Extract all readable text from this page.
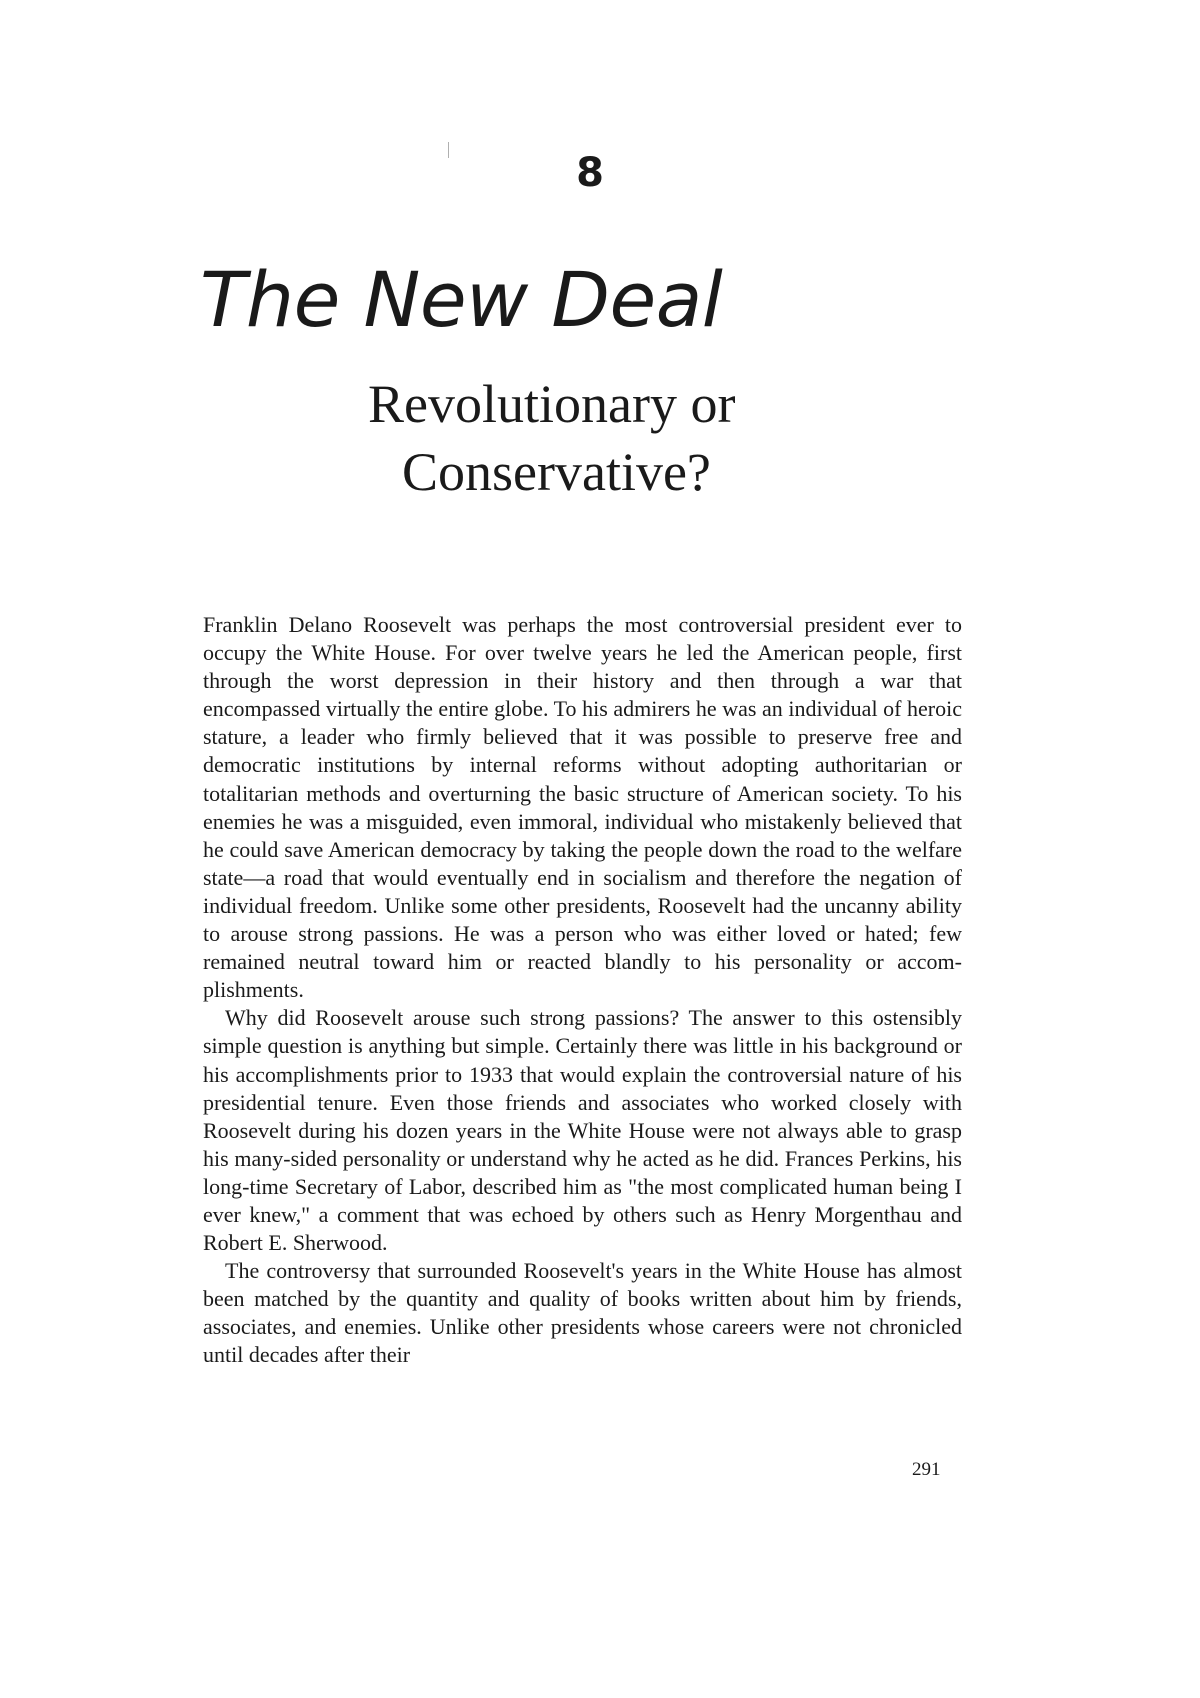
8
The New Deal
Revolutionary or
Conservative?

Franklin Delano Roosevelt was perhaps the most controversial president ever to occupy the White House. For over twelve years he led the American people, first through the worst depression in their history and then through a war that encompassed virtually the entire globe. To his admirers he was an individual of heroic stature, a leader who firmly believed that it was possible to preserve free and democratic institutions by internal reforms without adopting authoritarian or totalitarian methods and overturning the basic structure of American society. To his enemies he was a misguided, even immoral, individual who mistakenly believed that he could save American democracy by taking the people down the road to the welfare state—a road that would eventually end in socialism and therefore the negation of individual freedom. Unlike some other presidents, Roosevelt had the uncanny ability to arouse strong passions. He was a person who was either loved or hated; few remained neutral toward him or reacted blandly to his personality or accom-plishments.

Why did Roosevelt arouse such strong passions? The answer to this ostensibly simple question is anything but simple. Certainly there was little in his background or his accomplishments prior to 1933 that would explain the controversial nature of his presidential tenure. Even those friends and associates who worked closely with Roosevelt during his dozen years in the White House were not always able to grasp his many-sided personality or understand why he acted as he did. Frances Perkins, his long-time Secretary of Labor, described him as "the most complicated human being I ever knew," a comment that was echoed by others such as Henry Morgenthau and Robert E. Sherwood.

The controversy that surrounded Roosevelt's years in the White House has almost been matched by the quantity and quality of books written about him by friends, associates, and enemies. Unlike other presidents whose careers were not chronicled until decades after their

291
